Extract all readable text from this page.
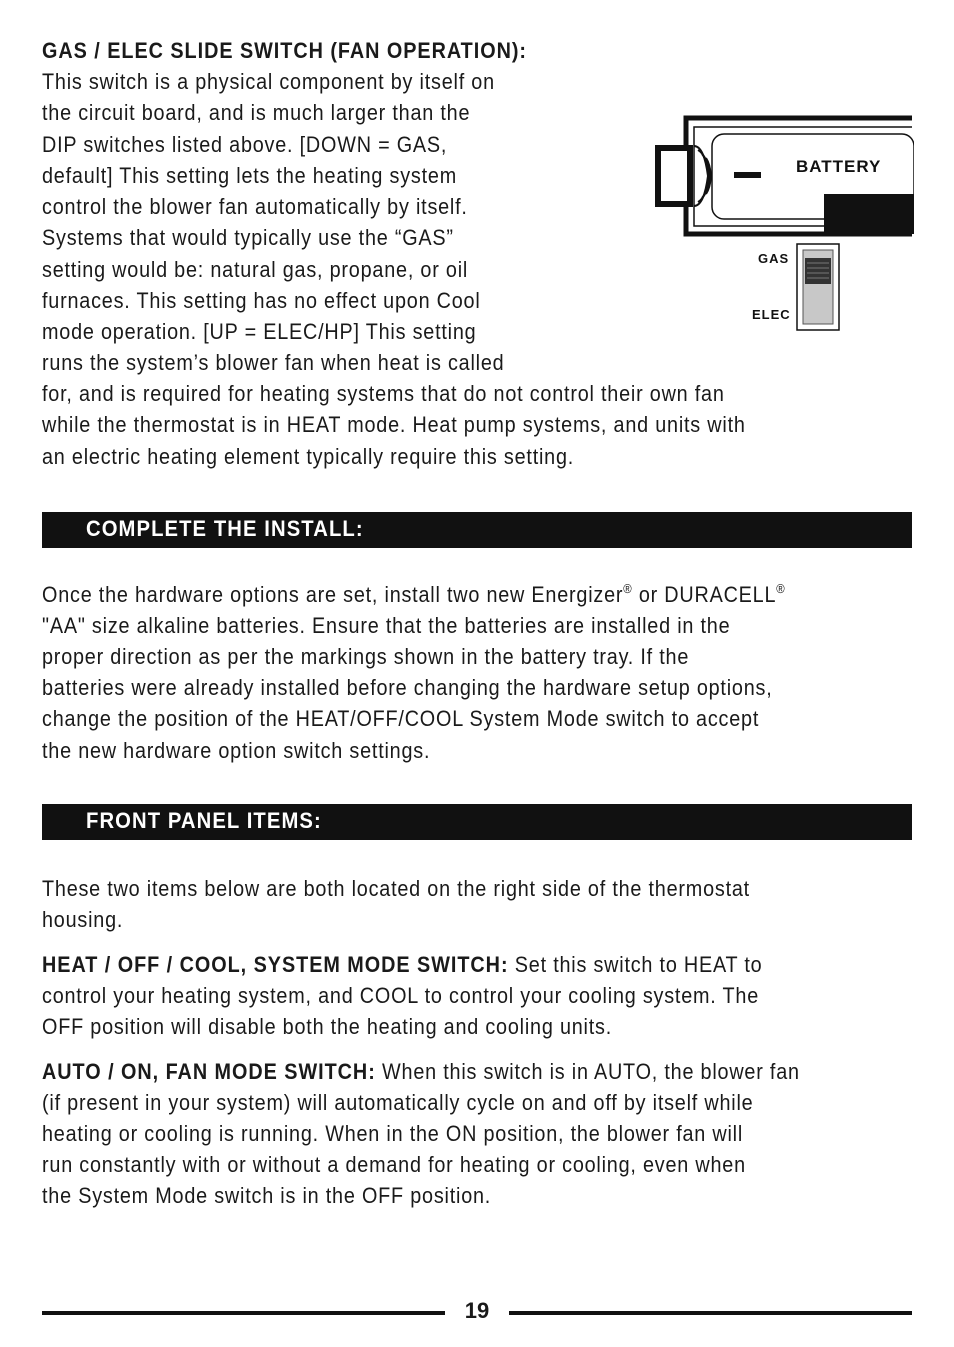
GAS / ELEC SLIDE SWITCH (FAN OPERATION):

This switch is a physical component by itself on

the circuit board, and is much larger than the

DIP switches listed above. [DOWN = GAS,

default] This setting lets the heating system

control the blower fan automatically by itself.

Systems that would typically use the “GAS”

setting would be: natural gas, propane, or oil

furnaces. This setting has no effect upon Cool

mode operation. [UP = ELEC/HP] This setting

runs the system’s blower fan when heat is called

for, and is required for heating systems that do not control their own fan

while the thermostat is in HEAT mode. Heat pump systems, and units with

an electric heating element typically require this setting.

BATTERY
GAS
ELEC
COMPLETE THE INSTALL:

Once the hardware options are set, install two new Energizer® or DURACELL®

"AA" size alkaline batteries. Ensure that the batteries are installed in the

proper direction as per the markings shown in the battery tray. If the

batteries were already installed before changing the hardware setup options,

change the position of the HEAT/OFF/COOL System Mode switch to accept

the new hardware option switch settings.

FRONT PANEL ITEMS:

These two items below are both located on the right side of the thermostat

housing.

HEAT / OFF / COOL, SYSTEM MODE SWITCH: Set this switch to HEAT to

control your heating system, and COOL to control your cooling system. The

OFF position will disable both the heating and cooling units.

AUTO / ON, FAN MODE SWITCH: When this switch is in AUTO, the blower fan

(if present in your system) will automatically cycle on and off by itself while

heating or cooling is running. When in the ON position, the blower fan will

run constantly with or without a demand for heating or cooling, even when

the System Mode switch is in the OFF position.

19
